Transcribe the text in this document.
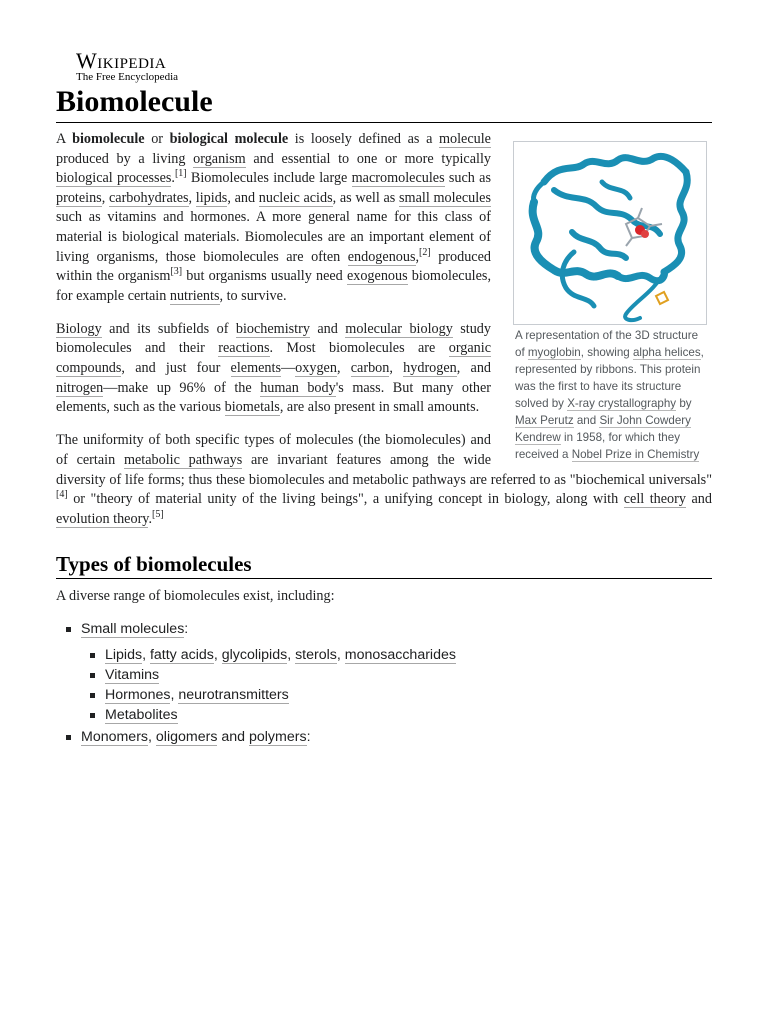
Wikipedia
The Free Encyclopedia
Biomolecule
A representation of the 3D structure of myoglobin, showing alpha helices, represented by ribbons. This protein was the first to have its structure solved by X-ray crystallography by Max Perutz and Sir John Cowdery Kendrew in 1958, for which they received a Nobel Prize in Chemistry

A biomolecule or biological molecule is loosely defined as a molecule produced by a living organism and essential to one or more typically biological processes.[1] Biomolecules include large macromolecules such as proteins, carbohydrates, lipids, and nucleic acids, as well as small molecules such as vitamins and hormones. A more general name for this class of material is biological materials. Biomolecules are an important element of living organisms, those biomolecules are often endogenous,[2] produced within the organism[3] but organisms usually need exogenous biomolecules, for example certain nutrients, to survive.

Biology and its subfields of biochemistry and molecular biology study biomolecules and their reactions. Most biomolecules are organic compounds, and just four elements—oxygen, carbon, hydrogen, and nitrogen—make up 96% of the human body's mass. But many other elements, such as the various biometals, are also present in small amounts.

The uniformity of both specific types of molecules (the biomolecules) and of certain metabolic pathways are invariant features among the wide diversity of life forms; thus these biomolecules and metabolic pathways are referred to as "biochemical universals"[4] or "theory of material unity of the living beings", a unifying concept in biology, along with cell theory and evolution theory.[5]

Types of biomolecules

A diverse range of biomolecules exist, including:

Small molecules:
Lipids, fatty acids, glycolipids, sterols, monosaccharides
Vitamins
Hormones, neurotransmitters
Metabolites
Monomers, oligomers and polymers:
